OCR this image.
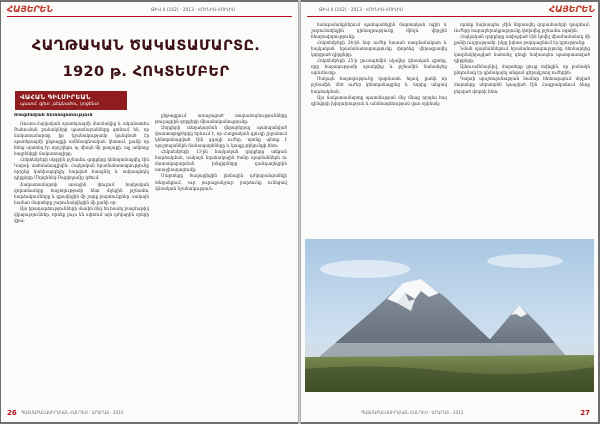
ՀԱՅԵՐԵՆ	ԹԻՎ 4 (162) · 2013 · ՀՈՒՆԻՍ-ՀՈՒԼԻՍ
ՀԱՂԹԱԿԱՆ ԾԱԿԱՏԱՄԱՐՏԸ.
1920 թ. ՀՈԿՏԵՄԲԵՐ
ՎԱՀԱՆ ԳԻԼՄԻՐԵԱՆ
պատմ. գիտ. թեկնածու, դոցենտ

Ռազմական հետազոտություն

Ռուսա-Հայկական պատերազմի մասնակից և ականատես Շահուման բանակների պատմաբանները գտնում են, որ ճակատամարտը իր նշանակությամբ կանգնած էր պատերազմի ընթացքի ամենավճռական կետում, քանի որ հենց այստեղ էր որոշվելու ոչ միայն մի քաղաքի, այլ ամբողջ հայրենիքի ճակատագիրը:

Հոկտեմբերի սկզբին թշնամու զորքերը կենտրոնացվել էին Կարսի սահմանագլխին: Հայկական հրամանատարությունը որոշեց կանխարգելիչ հարված հասցնել և ամրապնդել դիրքերը Մերդենեկ-Սարիղամիշ գծում:

Ճակատամարտի առաջին փուլում հայկական զորամասերը հաջողությամբ հետ մղեցին թշնամու հարձակումները և գրավեցին մի շարք բարձունքներ, սակայն համառ մարտերը շարունակվեցին մի քանի օր:

Այս իրադարձությունների մասին մեզ են հասել բազմաթիվ վկայություններ, որոնք լույս են սփռում այն դժվարին օրերի վրա:

ընթացքում առաջացած տարաձայնությունները թուլացրին զորքերի միասնականությունը:

Զորքերի տեղակայման վերաբերյալ պահպանված փաստաթղթերից երևում է, որ Հաղթական գյուղի շրջանում կենտրոնացված էին զգալի ուժեր, որոնք պետք է պաշտպանեին ճանապարհները և կապը թիկունքի հետ:

Հոկտեմբերի 13-ին հայկական զորքերը անցան հարձակման, սակայն եղանակային ծանր պայմաններն ու մատակարարման խնդիրները դանդաղեցրին առաջխաղացումը:

Մարտերը ծավալվեցին լեռնային դժվարանցանելի տեղանքում, ուր յուրաքանչյուր բարձունք ունեցավ վճռական նշանակություն:

ՊԱՏՄԱԲԱՆԱՍԻՐԱԿԱՆ ՀԱՆԴԵՍ · ԱՐԱՐԱՏ · 2013
26
ԹԻՎ 4 (162) · 2013 · ՀՈՒՆԻՍ-ՀՈՒԼԻՍ	ՀԱՅԵՐԵՆ

հանգամանքներում պահպանեցին մարտական ոգին և շարունակեցին դիմադրությունը մինչև վերջին հնարավորությունը:

Հոկտեմբերի 24-ին նոր ուժեր հասան ռազմաճակատ և հայկական հրամանատարությունը փորձեց վերագրավել կորցրած դիրքերը:

Հոկտեմբերի 25-ի լուսադեմին սկսվեց վճռական գրոհը, որը հաջողությամբ պսակվեց և թշնամին նահանջեց արևմուտք:

Սակայն հաջողությունը կարճատև եղավ, քանի որ թշնամին մեծ ուժեր կենտրոնացրեց և նորից անցավ հարձակման:

Այս ճակատամարտը պատմության մեջ մնաց որպես հայ զինվորի խիզախության և անձնազոհության վառ օրինակ:

որոնք նախապես չէին ներառվել զորամասերի կազմում: Ուժերի հարաբերակցությունը փոխվեց թշնամու օգտին:

Հայկական զորքերը ստիպված էին կռվել միաժամանակ մի քանի ուղղությամբ, ինչը խիստ բարդացնում էր դրությունը:

Նման պայմաններում հրամանատարությունը ձեռնարկեց կազմակերպված նահանջ դեպի նախապես պատրաստված դիրքերը:

Այնուամենայնիվ, մարտերը ցույց տվեցին, որ բանակն ընդունակ էր դիմակայել անգամ գերակշռող ուժերին:

Կարսի պաշտպանության համար հետագայում մղված մարտերը սերտորեն կապված էին Հաղթականում ձեռք բերված փորձի հետ:

ՊԱՏՄԱԲԱՆԱՍԻՐԱԿԱՆ ՀԱՆԴԵՍ · ԱՐԱՐԱՏ · 2013	27
